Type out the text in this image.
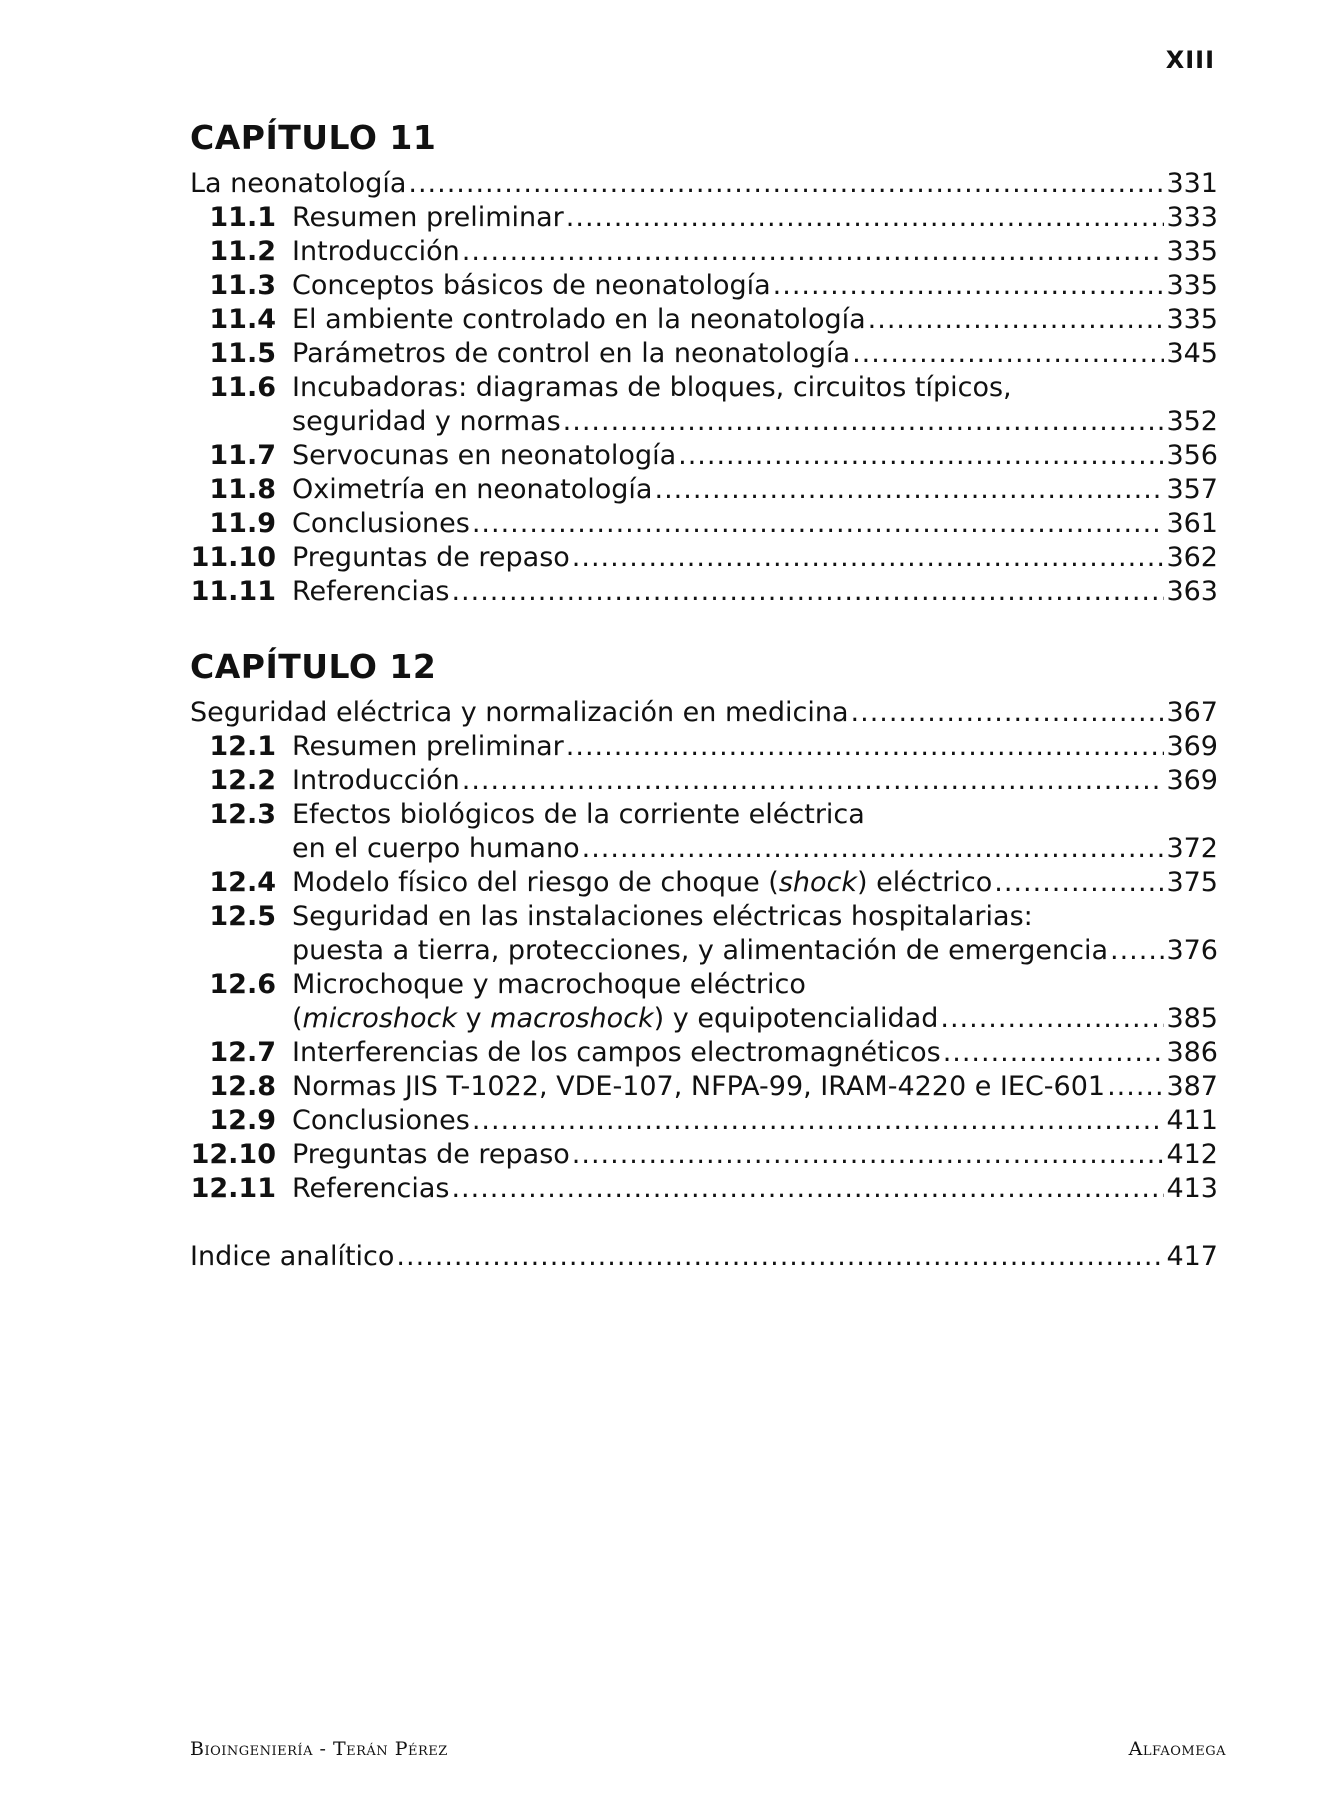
XIII
CAPÍTULO 11
La neonatología .....	331
11.1 Resumen preliminar .....	333
11.2 Introducción .....	335
11.3 Conceptos básicos de neonatología .....	335
11.4 El ambiente controlado en la neonatología .....	335
11.5 Parámetros de control en la neonatología .....	345
11.6 Incubadoras: diagramas de bloques, circuitos típicos,
seguridad y normas .....	352
11.7 Servocunas en neonatología .....	356
11.8 Oximetría en neonatología .....	357
11.9 Conclusiones .....	361
11.10 Preguntas de repaso .....	362
11.11 Referencias .....	363
CAPÍTULO 12
Seguridad eléctrica y normalización en medicina .....	367
12.1 Resumen preliminar .....	369
12.2 Introducción .....	369
12.3 Efectos biológicos de la corriente eléctrica
en el cuerpo humano .....	372
12.4 Modelo físico del riesgo de choque (shock) eléctrico .....	375
12.5 Seguridad en las instalaciones eléctricas hospitalarias:
puesta a tierra, protecciones, y alimentación de emergencia ..... 376
12.6 Microchoque y macrochoque eléctrico
(microshock y macroshock) y equipotencialidad .....	385
12.7 Interferencias de los campos electromagnéticos .....	386
12.8 Normas JIS T-1022, VDE-107, NFPA-99, IRAM-4220 e IEC-601 ..... 387
12.9 Conclusiones .....	411
12.10 Preguntas de repaso .....	412
12.11 Referencias .....	413
Indice analítico .....	417
Bioingeniería - Terán Pérez	Alfaomega
